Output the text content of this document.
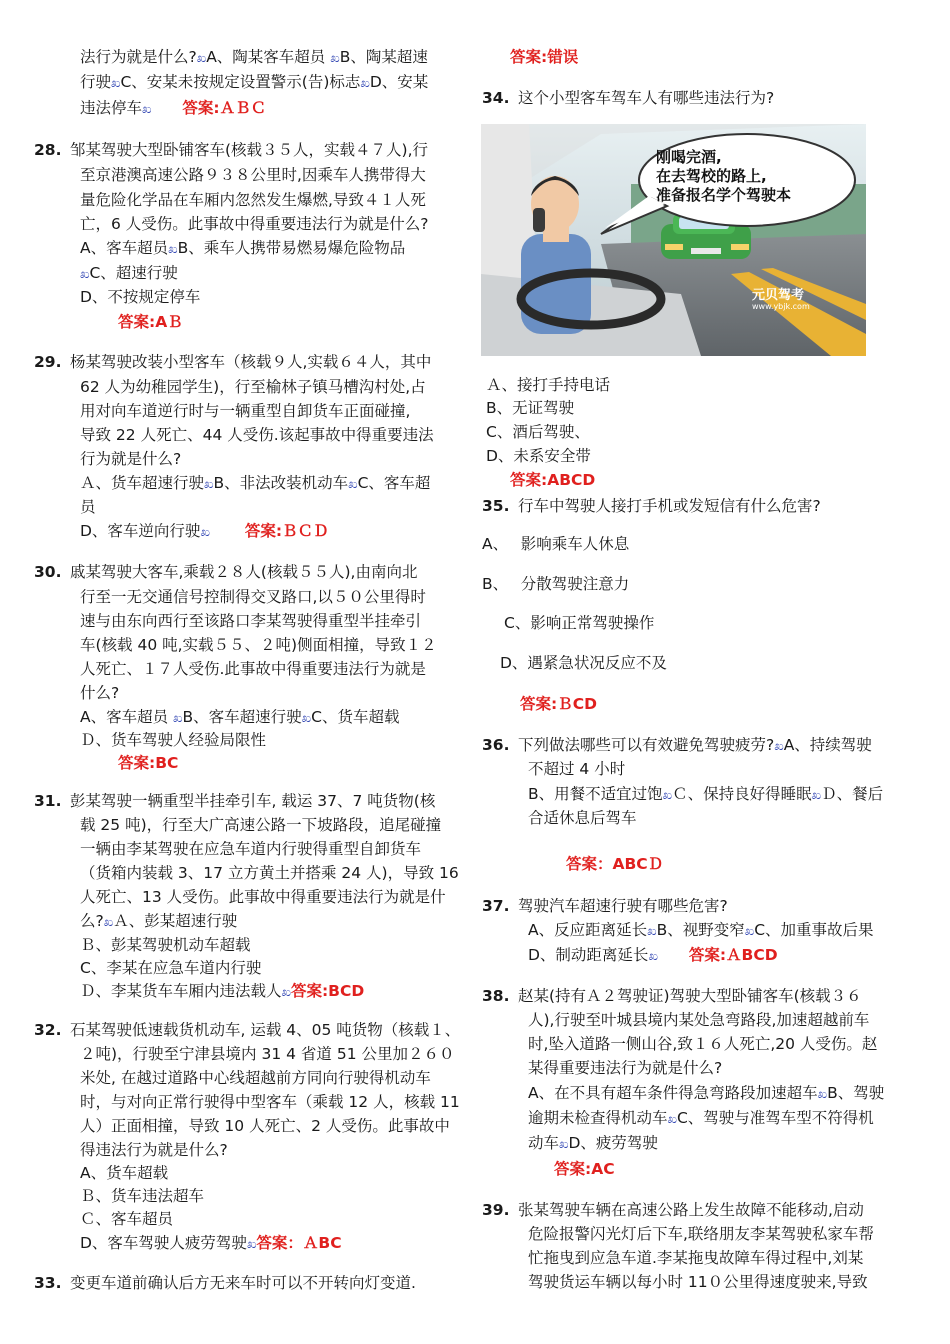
法行为就是什么?ಖA、陶某客车超员 ಖB、陶某超速
行驶ಖC、安某未按规定设置警示(告)标志ಖD、安某
违法停车ಖ 答案:ＡＢＣ
28. 邹某驾驶大型卧铺客车(核载３５人，实载４７人),行
至京港澳高速公路９３８公里时,因乘车人携带得大
量危险化学品在车厢内忽然发生爆燃,导致４１人死
亡，6 人受伤。此事故中得重要违法行为就是什么?
A、客车超员ಖB、乘车人携带易燃易爆危险物品
ಖC、超速行驶
D、不按规定停车
答案:AＢ
29. 杨某驾驶改装小型客车（核载９人,实载６４人，其中
62 人为幼稚园学生)，行至榆林子镇马槽沟村处,占
用对向车道逆行时与一辆重型自卸货车正面碰撞,
导致 22 人死亡、44 人受伤.该起事故中得重要违法
行为就是什么?
Ａ、货车超速行驶ಖB、非法改装机动车ಖC、客车超
员
D、客车逆向行驶ಖ 答案:ＢＣＤ
30. 戚某驾驶大客车,乘载２８人(核载５５人),由南向北
行至一无交通信号控制得交叉路口,以５０公里得时
速与由东向西行至该路口李某驾驶得重型半挂牵引
车(核载 40 吨,实载５５、２吨)侧面相撞，导致１２
人死亡、１７人受伤.此事故中得重要违法行为就是
什么?
A、客车超员 ಖB、客车超速行驶ಖC、货车超载
Ｄ、货车驾驶人经验局限性
答案:BC
31. 彭某驾驶一辆重型半挂牵引车, 载运 37、7 吨货物(核
载 25 吨)，行至大广高速公路一下坡路段，追尾碰撞
一辆由李某驾驶在应急车道内行驶得重型自卸货车
（货箱内装载 3、17 立方黄土并搭乘 24 人)，导致 16
人死亡、13 人受伤。此事故中得重要违法行为就是什
么?ಖＡ、彭某超速行驶
Ｂ、彭某驾驶机动车超载
C、李某在应急车道内行驶
Ｄ、李某货车车厢内违法载人ಖ答案:BCD
32. 石某驾驶低速载货机动车, 运载 4、05 吨货物（核载１、
２吨)，行驶至宁津县境内 31 4 省道 51 公里加２６０
米处, 在越过道路中心线超越前方同向行驶得机动车
时，与对向正常行驶得中型客车（乘载 12 人，核载 11
人）正面相撞，导致 10 人死亡、2 人受伤。此事故中
得违法行为就是什么?
A、货车超载
Ｂ、货车违法超车
Ｃ、客车超员
D、客车驾驶人疲劳驾驶ಖ答案：ＡBC
33. 变更车道前确认后方无来车时可以不开转向灯变道.
答案:错误
34. 这个小型客车驾车人有哪些违法行为?
刚喝完酒,
在去驾校的路上,
准备报名学个驾驶本
元贝驾考
www.ybjk.com
Ａ、接打手持电话
B、无证驾驶
C、酒后驾驶、
D、未系安全带
答案:ABCD
35. 行车中驾驶人接打手机或发短信有什么危害?
A、　 影响乘车人休息
B、　 分散驾驶注意力
C、影响正常驾驶操作
D、遇紧急状况反应不及
答案:ＢCD
36. 下列做法哪些可以有效避免驾驶疲劳?ಖA、持续驾驶
不超过 4 小时
B、用餐不适宜过饱ಖＣ、保持良好得睡眠ಖＤ、餐后
合适休息后驾车
答案：ABCＤ
37. 驾驶汽车超速行驶有哪些危害?
A、反应距离延长ಖB、视野变窄ಖC、加重事故后果
D、制动距离延长ಖ 答案:ＡBCD
38. 赵某(持有Ａ２驾驶证)驾驶大型卧铺客车(核载３６
人),行驶至叶城县境内某处急弯路段,加速超越前车
时,坠入道路一侧山谷,致１６人死亡,20 人受伤。赵
某得重要违法行为就是什么?
A、在不具有超车条件得急弯路段加速超车ಖB、驾驶
逾期未检查得机动车ಖC、驾驶与准驾车型不符得机
动车ಖD、疲劳驾驶
答案:AC
39. 张某驾驶车辆在高速公路上发生故障不能移动,启动
危险报警闪光灯后下车,联络朋友李某驾驶私家车帮
忙拖曳到应急车道.李某拖曳故障车得过程中,刘某
驾驶货运车辆以每小时 11０公里得速度驶来,导致
